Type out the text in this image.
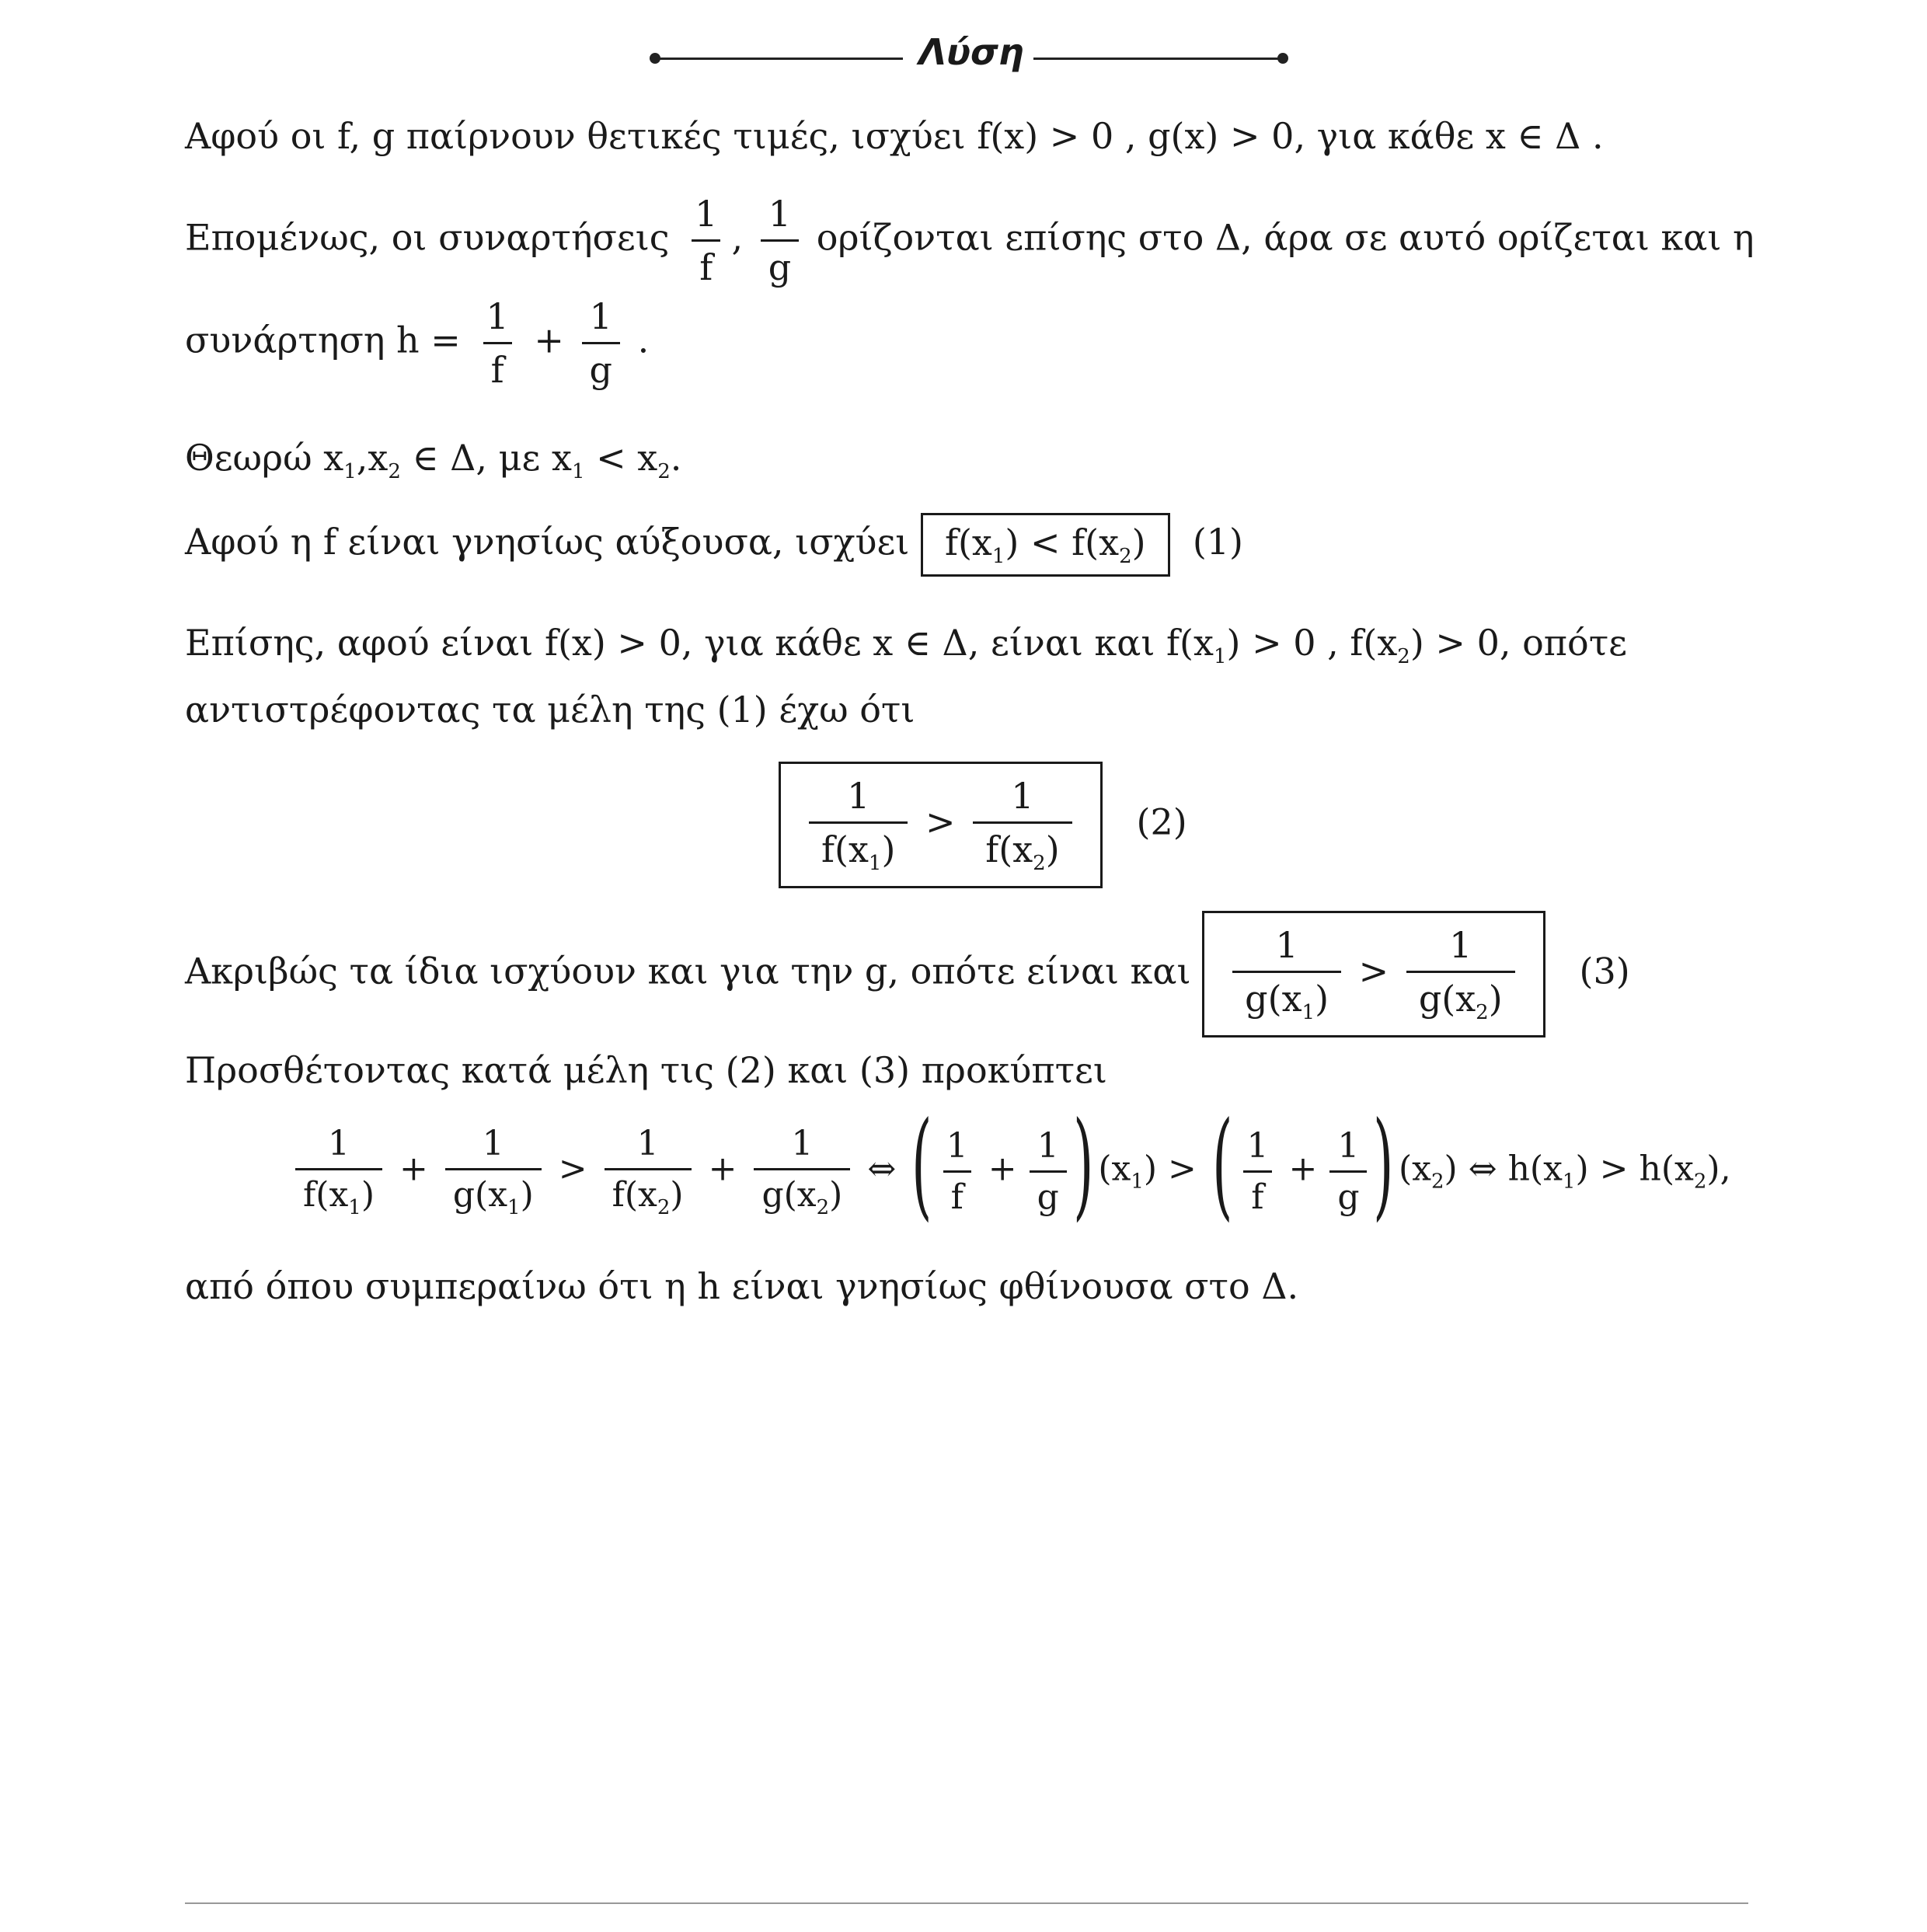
Λύση
Αφού οι f, g παίρνουν θετικές τιμές, ισχύει f(x) > 0 , g(x) > 0, για κάθε x ∈ Δ .
Επομένως, οι συναρτήσεις $\frac{1}{f}$ , $\frac{1}{g}$ ορίζονται επίσης στο Δ, άρα σε αυτό ορίζεται και η
συνάρτηση $h = \frac{1}{f} + \frac{1}{g}$ .
Θεωρώ $x_1,x_2$ ∈ Δ, με $x_1 < x_2$.
Αφού η f είναι γνησίως αύξουσα, ισχύει $f(x_1) < f(x_2)$ (1)
Επίσης, αφού είναι f(x) > 0, για κάθε x ∈ Δ, είναι και $f(x_1) > 0$ , $f(x_2) > 0$, οπότε
αντιστρέφοντας τα μέλη της (1) έχω ότι
$\frac{1}{f(x_1)} > \frac{1}{f(x_2)} (2)$
Ακριβώς τα ίδια ισχύουν και για την g, οπότε είναι και $\frac{1}{g(x_1)} > \frac{1}{g(x_2)} (3)$
Προσθέτοντας κατά μέλη τις (2) και (3) προκύπτει
$\frac{1}{f(x_1)} + \frac{1}{g(x_1)} > \frac{1}{f(x_2)} + \frac{1}{g(x_2)}$ ⇔ ( $\frac{1}{f} + \frac{1}{g}$ ) $(x_1)$ > ( $\frac{1}{f} + \frac{1}{g}$ ) $(x_2)$ ⇔ $h(x_1) > h(x_2)$,
από όπου συμπεραίνω ότι η h είναι γνησίως φθίνουσα στο Δ.
